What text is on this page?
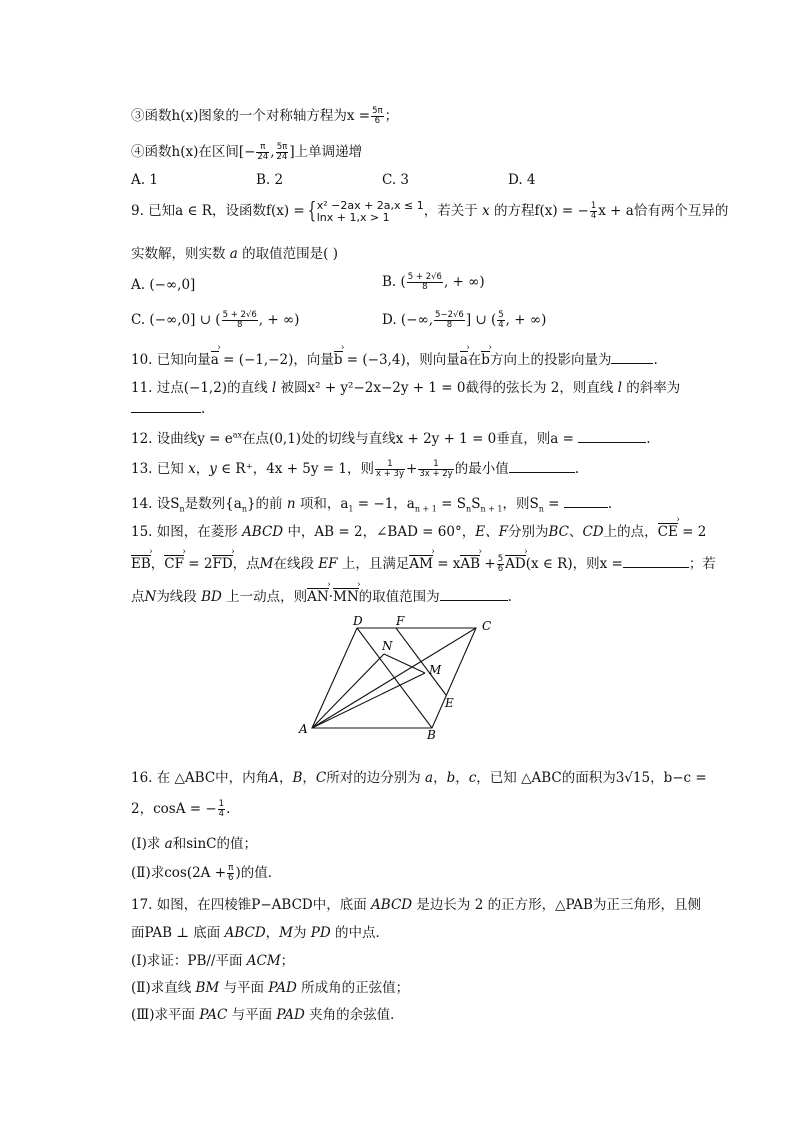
③函数h(x)图象的一个对称轴方程为$x = \frac{5\pi}{6}$ ；
④函数h(x)在区间[− $\frac{\pi}{24}$ , $\frac{5\pi}{24}$ ]上单调递增
A. 1	B. 2	C. 3	D. 4
9. 已知a ∈ R，设函数f(x) = { x² −2ax + 2a,x ≤ 1
lnx + 1,x > 1	，若关于 x 的方程f(x) = − $\frac{1}{4}$ x + a恰有两个互异的
实数解，则实数 a 的取值范围是( )
A. (−∞,0]	B. ( $\frac{5 + 2√6}{8}$ , + ∞)
C. (−∞,0] ∪ ( $\frac{5 + 2√6}{8}$ , + ∞)	D. (−∞, $\frac{5-2√6}{8}$ ] ∪ ( $\frac{5}{4}$ , + ∞)
10. 已知向量a › = (−1,−2)，向量b › = (−3,4)，则向量a ›在b ›方向上的投影向量为	.
11. 过点(−1,2)的直线 l 被圆x² + y²−2x−2y + 1 = 0截得的弦长为 2，则直线 l 的斜率为
.
12. 设曲线$y = e^{ax}$在点(0,1)处的切线与直线x + 2y + 1 = 0垂直，则a =	.
13. 已知 x，y ∈ R⁺，4x + 5y = 1，则 $\frac{1}{x + 3y} + \frac{1}{3x + 2y}$ 的最小值	.
14. 设$S_n$是数列$\{a_n\}$的前 n 项和，$a_1 = -1$，$a_{n + 1} = S_nS_{n + 1}$，则$S_n$ =	.
15. 如图，在菱形 ABCD 中，AB = 2，∠BAD = 60°，E、F分别为BC、CD上的点，CE › = 2
EB ›，CF › = 2FD ›，点M在线段 EF 上，且满足AM › = xAB › + $\frac{5}{6}$ AD ›(x ∈ R)，则x =	；若
点N为线段 BD 上一动点，则AN ›·MN ›的取值范围为	.
D	F	C
N
M
E
A	B
16. 在 △ABC中，内角A，B，C所对的边分别为 a，b，c，已知 △ABC的面积为3√15，b−c =
2，cosA = − $\frac{1}{4}$ .
(Ⅰ)求 a和sinC的值；
(Ⅱ)求$\cos(2A + \frac{\pi}{6}$ )的值．
17. 如图，在四棱锥P−ABCD中，底面 ABCD 是边长为 2 的正方形，△PAB为正三角形，且侧
面PAB ⊥ 底面 ABCD，M为 PD 的中点．
(Ⅰ)求证：PB//平面 ACM；
(Ⅱ)求直线 BM 与平面 PAD 所成角的正弦值；
(Ⅲ)求平面 PAC 与平面 PAD 夹角的余弦值．
